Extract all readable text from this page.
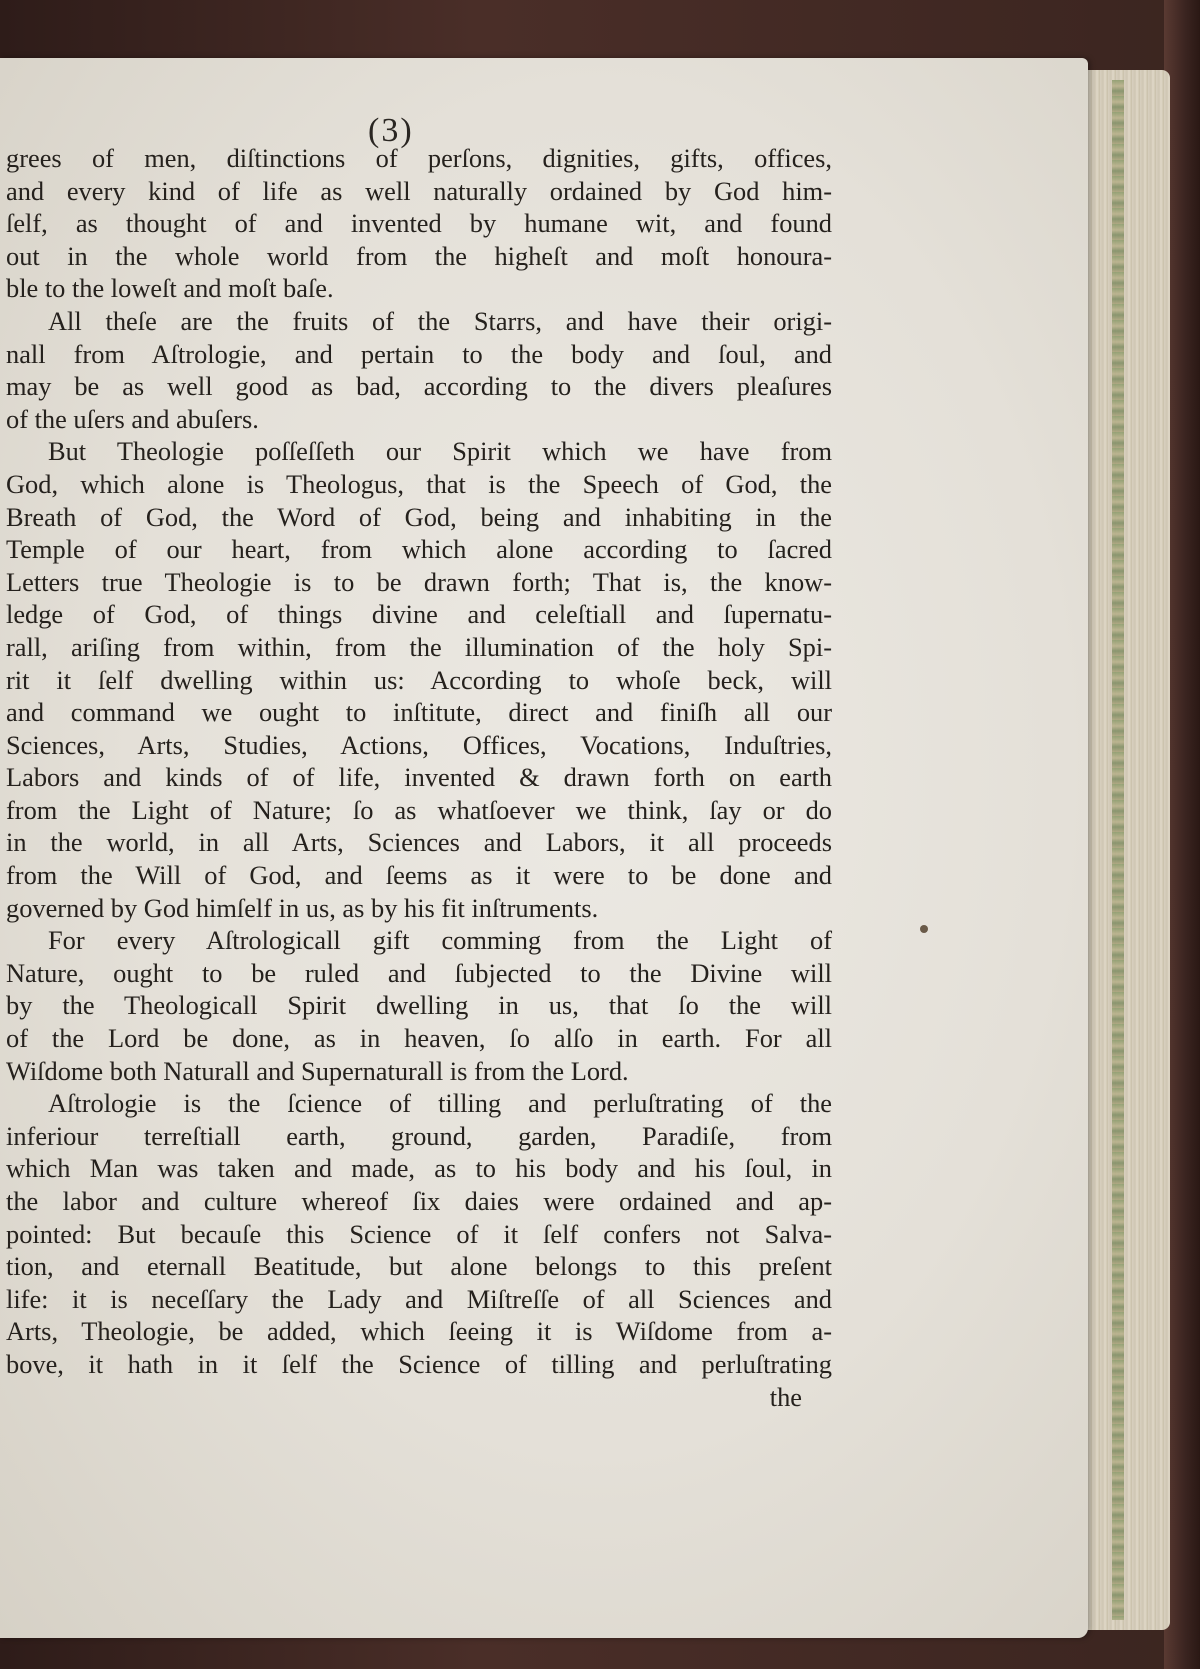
(3)
grees of men, diſtinctions of perſons, dignities, gifts, offices,
and every kind of life as well naturally ordained by God him-
ſelf, as thought of and invented by humane wit, and found
out in the whole world from the higheſt and moſt honoura-
ble to the loweſt and moſt baſe.
All theſe are the fruits of the Starrs, and have their origi-
nall from Aſtrologie, and pertain to the body and ſoul, and
may be as well good as bad, according to the divers pleaſures
of the uſers and abuſers.
But Theologie poſſeſſeth our Spirit which we have from
God, which alone is Theologus, that is the Speech of God, the
Breath of God, the Word of God, being and inhabiting in the
Temple of our heart, from which alone according to ſacred
Letters true Theologie is to be drawn forth; That is, the know-
ledge of God, of things divine and celeſtiall and ſupernatu-
rall, ariſing from within, from the illumination of the holy Spi-
rit it ſelf dwelling within us: According to whoſe beck, will
and command we ought to inſtitute, direct and finiſh all our
Sciences, Arts, Studies, Actions, Offices, Vocations, Induſtries,
Labors and kinds of of life, invented & drawn forth on earth
from the Light of Nature; ſo as whatſoever we think, ſay or do
in the world, in all Arts, Sciences and Labors, it all proceeds
from the Will of God, and ſeems as it were to be done and
governed by God himſelf in us, as by his fit inſtruments.
For every Aſtrologicall gift comming from the Light of
Nature, ought to be ruled and ſubjected to the Divine will
by the Theologicall Spirit dwelling in us, that ſo the will
of the Lord be done, as in heaven, ſo alſo in earth. For all
Wiſdome both Naturall and Supernaturall is from the Lord.
Aſtrologie is the ſcience of tilling and perluſtrating of the
inferiour terreſtiall earth, ground, garden, Paradiſe, from
which Man was taken and made, as to his body and his ſoul, in
the labor and culture whereof ſix daies were ordained and ap-
pointed: But becauſe this Science of it ſelf confers not Salva-
tion, and eternall Beatitude, but alone belongs to this preſent
life: it is neceſſary the Lady and Miſtreſſe of all Sciences and
Arts, Theologie, be added, which ſeeing it is Wiſdome from a-
bove, it hath in it ſelf the Science of tilling and perluſtrating
the
